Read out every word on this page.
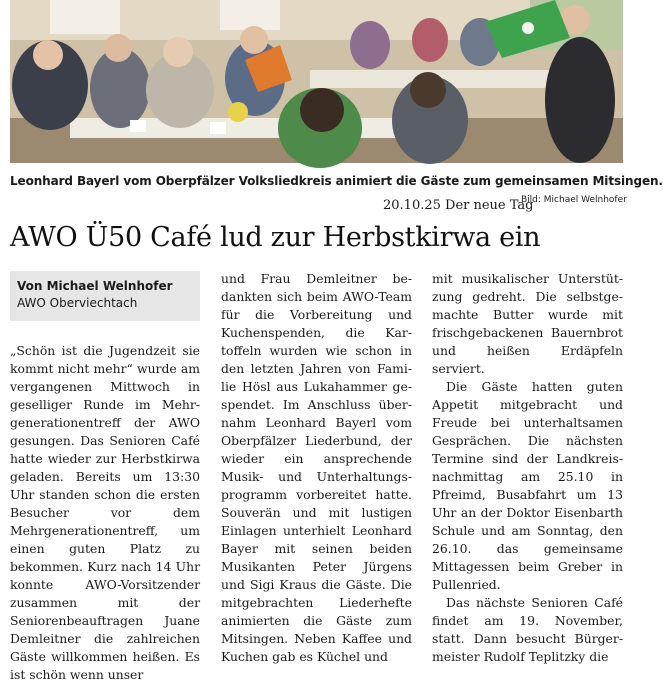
Leonhard Bayerl vom Oberpfälzer Volksliedkreis animiert die Gäste zum gemeinsamen Mitsingen.
Bild: Michael Welnhofer
20.10.25 Der neue Tag
AWO Ü50 Café lud zur Herbstkirwa ein
Von Michael Welnhofer
AWO Oberviechtach

„Schön ist die Jugendzeit sie kommt nicht mehr“ wurde am vergangenen Mittwoch in geselliger Runde im Mehrgenerationentreff der AWO gesungen. Das Senioren Café hatte wieder zur Herbstkirwa geladen. Bereits um 13:30 Uhr standen schon die ersten Besucher vor dem Mehrgenerationentreff, um einen guten Platz zu bekommen. Kurz nach 14 Uhr konnte AWO-Vorsitzender zusammen mit der Seniorenbeauftragen Juane Demleitner die zahlreichen Gäste willkommen heißen. Es ist schön wenn unser

und Frau Demleitner bedankten sich beim AWO-Team für die Vorbereitung und Kuchenspenden, die Kartoffeln wurden wie schon in den letzten Jahren von Familie Hösl aus Lukahammer gespendet. Im Anschluss übernahm Leonhard Bayerl vom Oberpfälzer Liederbund, der wieder ein ansprechende Musik- und Unterhaltungsprogramm vorbereitet hatte. Souverän und mit lustigen Einlagen unterhielt Leonhard Bayer mit seinen beiden Musikanten Peter Jürgens und Sigi Kraus die Gäste. Die mitgebrachten Liederhefte animierten die Gäste zum Mitsingen. Neben Kaffee und Kuchen gab es Küchel und

mit musikalischer Unterstützung gedreht. Die selbstgemachte Butter wurde mit frischgebackenen Bauernbrot und heißen Erdäpfeln serviert.

Die Gäste hatten guten Appetit mitgebracht und Freude bei unterhaltsamen Gesprächen. Die nächsten Termine sind der Landkreisnachmittag am 25.10 in Pfreimd, Busabfahrt um 13 Uhr an der Doktor Eisenbarth Schule und am Sonntag, den 26.10. das gemeinsame Mittagessen beim Greber in Pullenried.

Das nächste Senioren Café findet am 19. November, statt. Dann besucht Bürgermeister Rudolf Teplitzky die
